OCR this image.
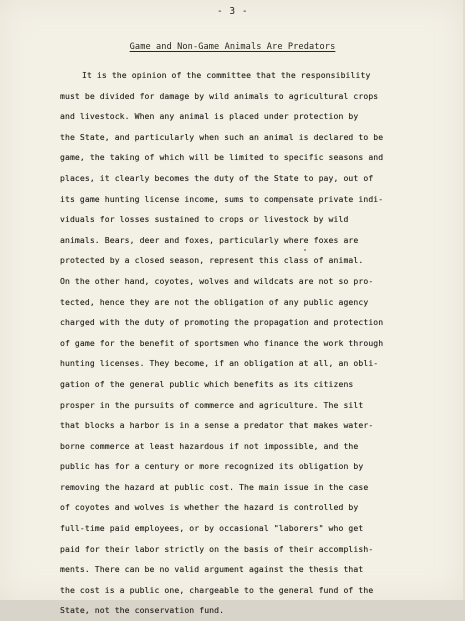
- 3 -
Game and Non-Game Animals Are Predators
It is the opinion of the committee that the responsibility
must be divided for damage by wild animals to agricultural crops
and livestock. When any animal is placed under protection by
the State, and particularly when such an animal is declared to be
game, the taking of which will be limited to specific seasons and
places, it clearly becomes the duty of the State to pay, out of
its game hunting license income, sums to compensate private indi-
viduals for losses sustained to crops or livestock by wild
animals. Bears, deer and foxes, particularly where foxes are
protected by a closed season, represent this class of animal.
On the other hand, coyotes, wolves and wildcats are not so pro-
tected, hence they are not the obligation of any public agency
charged with the duty of promoting the propagation and protection
of game for the benefit of sportsmen who finance the work through
hunting licenses. They become, if an obligation at all, an obli-
gation of the general public which benefits as its citizens
prosper in the pursuits of commerce and agriculture. The silt
that blocks a harbor is in a sense a predator that makes water-
borne commerce at least hazardous if not impossible, and the
public has for a century or more recognized its obligation by
removing the hazard at public cost. The main issue in the case
of coyotes and wolves is whether the hazard is controlled by
full-time paid employees, or by occasional "laborers" who get
paid for their labor strictly on the basis of their accomplish-
ments. There can be no valid argument against the thesis that
the cost is a public one, chargeable to the general fund of the
State, not the conservation fund.
